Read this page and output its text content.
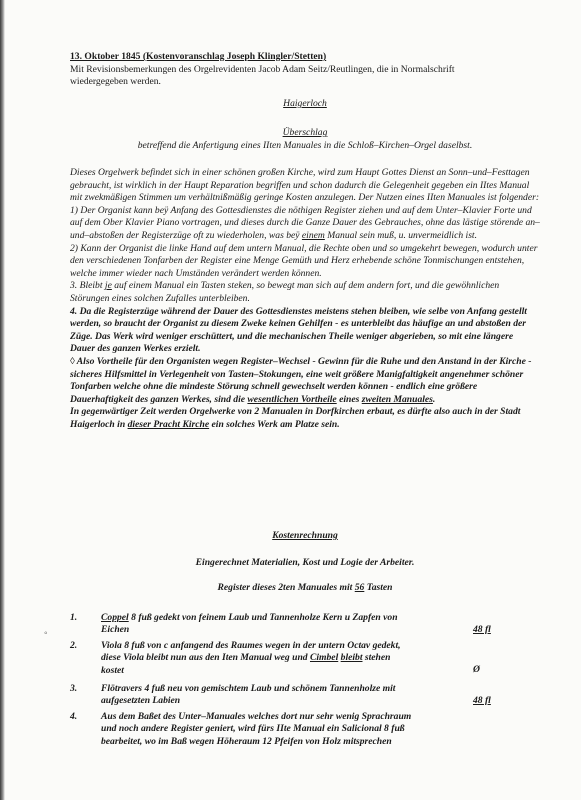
13. Oktober 1845 (Kostenvoranschlag Joseph Klingler/Stetten)

Mit Revisionsbemerkungen des Orgelrevidenten Jacob Adam Seitz/Reutlingen, die in Normalschrift

wiedergegeben werden.

Haigerloch
Überschlag
betreffend die Anfertigung eines IIten Manuales in die Schloß–Kirchen–Orgel daselbst.

Dieses Orgelwerk befindet sich in einer schönen großen Kirche, wird zum Haupt Gottes Dienst an Sonn–und–Festtagen gebraucht, ist wirklich in der Haupt Reparation begriffen und schon dadurch die Gelegenheit gegeben ein IItes Manual mit zwekmäßigen Stimmen um verhältnißmäßig geringe Kosten anzulegen. Der Nutzen eines IIten Manuales ist folgender:

1) Der Organist kann beÿ Anfang des Gottesdienstes die nöthigen Register ziehen und auf dem Unter–Klavier Forte und auf dem Ober Klavier Piano vortragen, und dieses durch die Ganze Dauer des Gebrauches, ohne das lästige störende an–und–abstoßen der Registerzüge oft zu wiederholen, was beÿ einem Manual sein muß, u. unvermeidlich ist.

2) Kann der Organist die linke Hand auf dem untern Manual, die Rechte oben und so umgekehrt bewegen, wodurch unter den verschiedenen Tonfarben der Register eine Menge Gemüth und Herz erhebende schöne Tonmischungen entstehen, welche immer wieder nach Umständen verändert werden können.

3. Bleibt je auf einem Manual ein Tasten steken, so bewegt man sich auf dem andern fort, und die gewöhnlichen Störungen eines solchen Zufalles unterbleiben.

4. Da die Registerzüge während der Dauer des Gottesdienstes meistens stehen bleiben, wie selbe von Anfang gestellt werden, so braucht der Organist zu diesem Zweke keinen Gehilfen - es unterbleibt das häufige an und abstoßen der Züge. Das Werk wird weniger erschüttert, und die mechanischen Theile weniger abgerieben, so mit eine längere Dauer des ganzen Werkes erzielt.

◊ Also Vortheile für den Organisten wegen Register–Wechsel - Gewinn für die Ruhe und den Anstand in der Kirche - sicheres Hilfsmittel in Verlegenheit von Tasten–Stokungen, eine weit größere Manigfaltigkeit angenehmer schöner Tonfarben welche ohne die mindeste Störung schnell gewechselt werden können - endlich eine größere Dauerhaftigkeit des ganzen Werkes, sind die wesentlichen Vortheile eines zweiten Manuales.

In gegenwärtiger Zeit werden Orgelwerke von 2 Manualen in Dorfkirchen erbaut, es dürfte also auch in der Stadt Haigerloch in dieser Pracht Kirche ein solches Werk am Platze sein.

Kostenrechnung
Eingerechnet Materialien, Kost und Logie der Arbeiter.
Register dieses 2ten Manuales mit 56 Tasten
1.	Coppel 8 fuß gedekt von feinem Laub und Tannenholze Kern u Zapfen von
Eichen	48 fl
◦
2.	Viola 8 fuß von c anfangend des Raumes wegen in der untern Octav gedekt,
diese Viola bleibt nun aus den Iten Manual weg und Cimbel bleibt stehen
kostet	Ø
3.	Flötravers 4 fuß neu von gemischtem Laub und schönem Tannenholze mit
aufgesetzten Labien	48 fl
4.	Aus dem Baßet des Unter–Manuales welches dort nur sehr wenig Sprachraum
und noch andere Register geniert, wird fürs IIte Manual ein Salicional 8 fuß
bearbeitet, wo im Baß wegen Höheraum 12 Pfeifen von Holz mitsprechen
